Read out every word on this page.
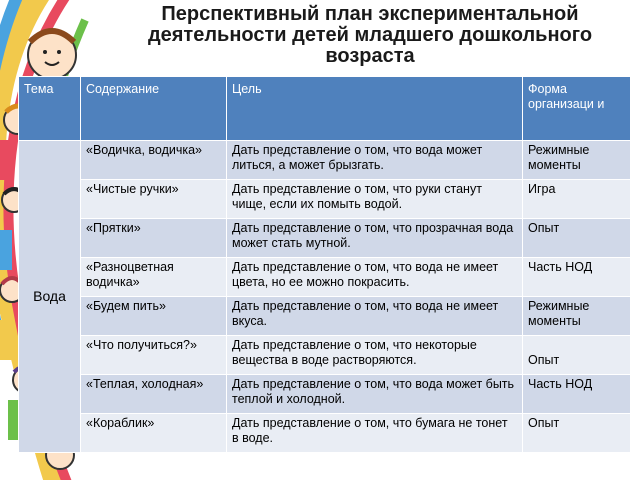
Перспективный план экспериментальной
деятельности детей младшего дошкольного
возраста
Тема	Содержание	Цель	Форма организаци и
Вода	«Водичка, водичка»	Дать представление о том, что вода может литься, а может брызгать.	Режимные моменты
	«Чистые ручки»	Дать представление о том, что руки станут чище, если их помыть водой.	Игра
	«Прятки»	Дать представление о том, что прозрачная вода может стать мутной.	Опыт
	«Разноцветная водичка»	Дать представление о том, что вода не имеет цвета, но ее можно покрасить.	Часть НОД
	«Будем пить»	Дать представление о том, что вода не имеет вкуса.	Режимные моменты
	«Что получиться?»	Дать представление о том, что некоторые вещества в воде растворяются.	Опыт

	«Теплая, холодная»	Дать представление о том, что вода может быть теплой и холодной.	Часть НОД
	«Кораблик»	Дать представление о том, что бумага не тонет в воде.	Опыт
